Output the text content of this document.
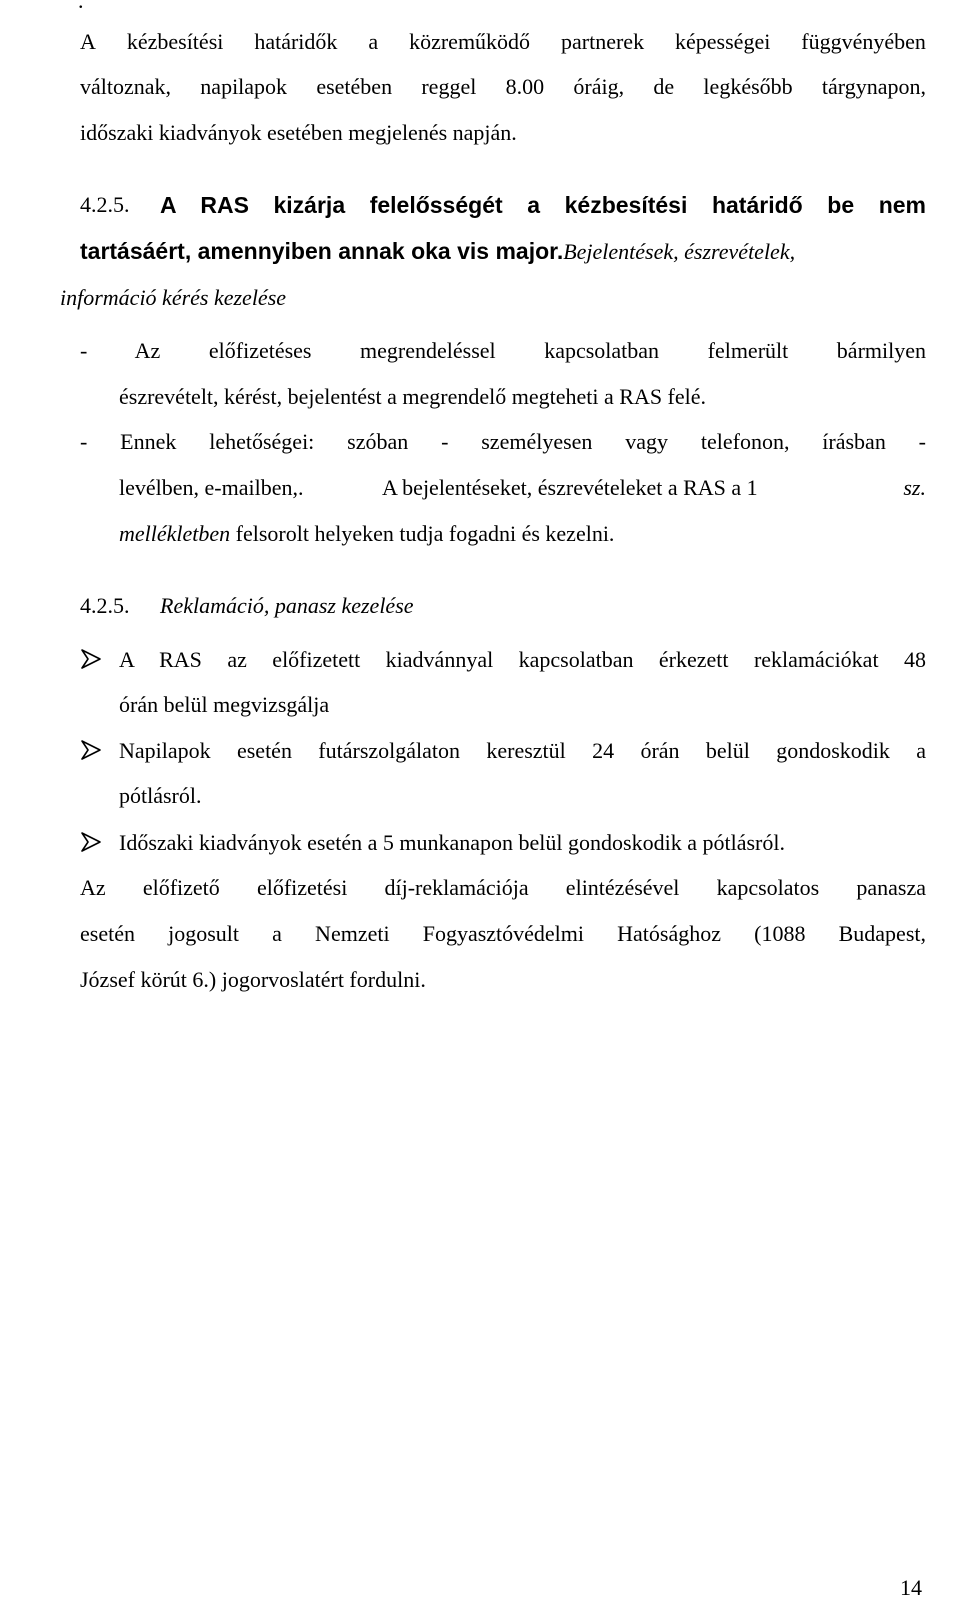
.
A kézbesítési határidők a közreműködő partnerek képességei függvényében
változnak, napilapok esetében reggel 8.00 óráig, de legkésőbb tárgynapon,
időszaki kiadványok esetében megjelenés napján.
4.2.5. A RAS kizárja felelősségét a kézbesítési határidő be nem
tartásáért, amennyiben annak oka vis major.Bejelentések, észrevételek,
információ kérés kezelése
- Az előfizetéses megrendeléssel kapcsolatban felmerült bármilyen
észrevételt, kérést, bejelentést a megrendelő megteheti a RAS felé.
- Ennek lehetőségei: szóban - személyesen vagy telefonon, írásban -
levélben, e-mailben,.	A bejelentéseket, észrevételeket a RAS a 1	sz.
mellékletben felsorolt helyeken tudja fogadni és kezelni.
4.2.5. Reklamáció, panasz kezelése
A RAS az előfizetett kiadvánnyal kapcsolatban érkezett reklamációkat 48
órán belül megvizsgálja
Napilapok esetén futárszolgálaton keresztül 24 órán belül gondoskodik a
pótlásról.
Időszaki kiadványok esetén a 5 munkanapon belül gondoskodik a pótlásról.
Az előfizető előfizetési díj-reklamációja elintézésével kapcsolatos panasza
esetén jogosult a Nemzeti Fogyasztóvédelmi Hatósághoz (1088 Budapest,
József körút 6.) jogorvoslatért fordulni.
14
